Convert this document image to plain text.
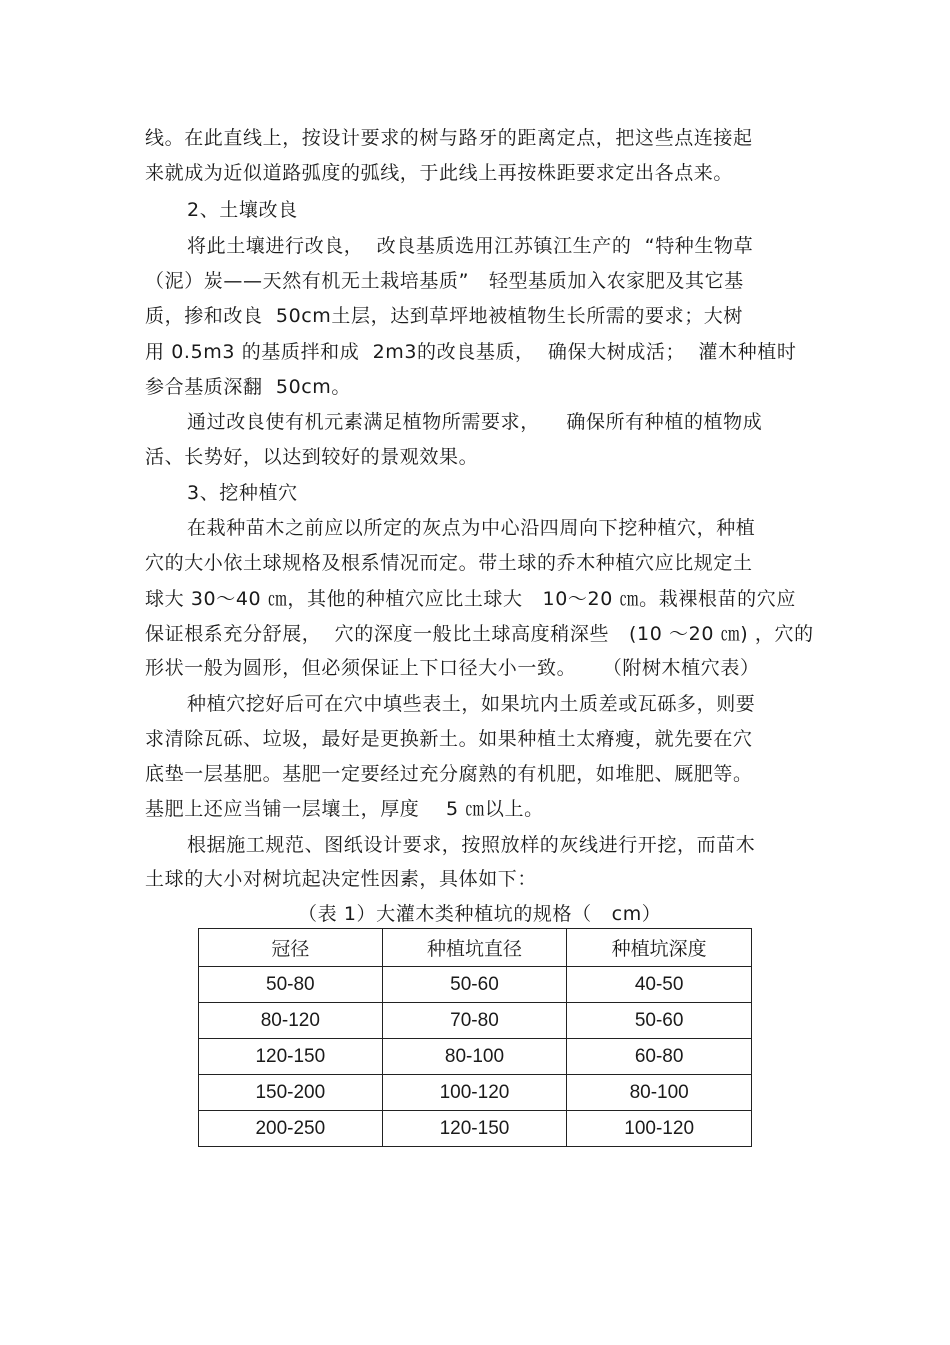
线。在此直线上，按设计要求的树与路牙的距离定点，把这些点连接起
来就成为近似道路弧度的弧线，于此线上再按株距要求定出各点来。
2、土壤改良
将此土壤进行改良，  改良基质选用江苏镇江生产的  “特种生物草
（泥）炭——天然有机无土栽培基质”   轻型基质加入农家肥及其它基
质，掺和改良  50cm土层，达到草坪地被植物生长所需的要求；大树
用 0.5m3 的基质拌和成  2m3的改良基质，  确保大树成活；  灌木种植时
参合基质深翻  50cm。
通过改良使有机元素满足植物所需要求，    确保所有种植的植物成
活、长势好，以达到较好的景观效果。
3、挖种植穴
在栽种苗木之前应以所定的灰点为中心沿四周向下挖种植穴，种植
穴的大小依土球规格及根系情况而定。带土球的乔木种植穴应比规定土
球大 30～40 ㎝，其他的种植穴应比土球大   10～20 ㎝。栽裸根苗的穴应
保证根系充分舒展，  穴的深度一般比土球高度稍深些   (10 ～20 ㎝) ，穴的
形状一般为圆形，但必须保证上下口径大小一致。    （附树木植穴表）
种植穴挖好后可在穴中填些表土，如果坑内土质差或瓦砾多，则要
求清除瓦砾、垃圾，最好是更换新土。如果种植土太瘠瘦，就先要在穴
底垫一层基肥。基肥一定要经过充分腐熟的有机肥，如堆肥、厩肥等。
基肥上还应当铺一层壤土，厚度    5 ㎝以上。
根据施工规范、图纸设计要求，按照放样的灰线进行开挖，而苗木
土球的大小对树坑起决定性因素，具体如下：
（表 1）大灌木类种植坑的规格（   cm）
冠径	种植坑直径	种植坑深度
50-80	50-60	40-50
80-120	70-80	50-60
120-150	80-100	60-80
150-200	100-120	80-100
200-250	120-150	100-120
